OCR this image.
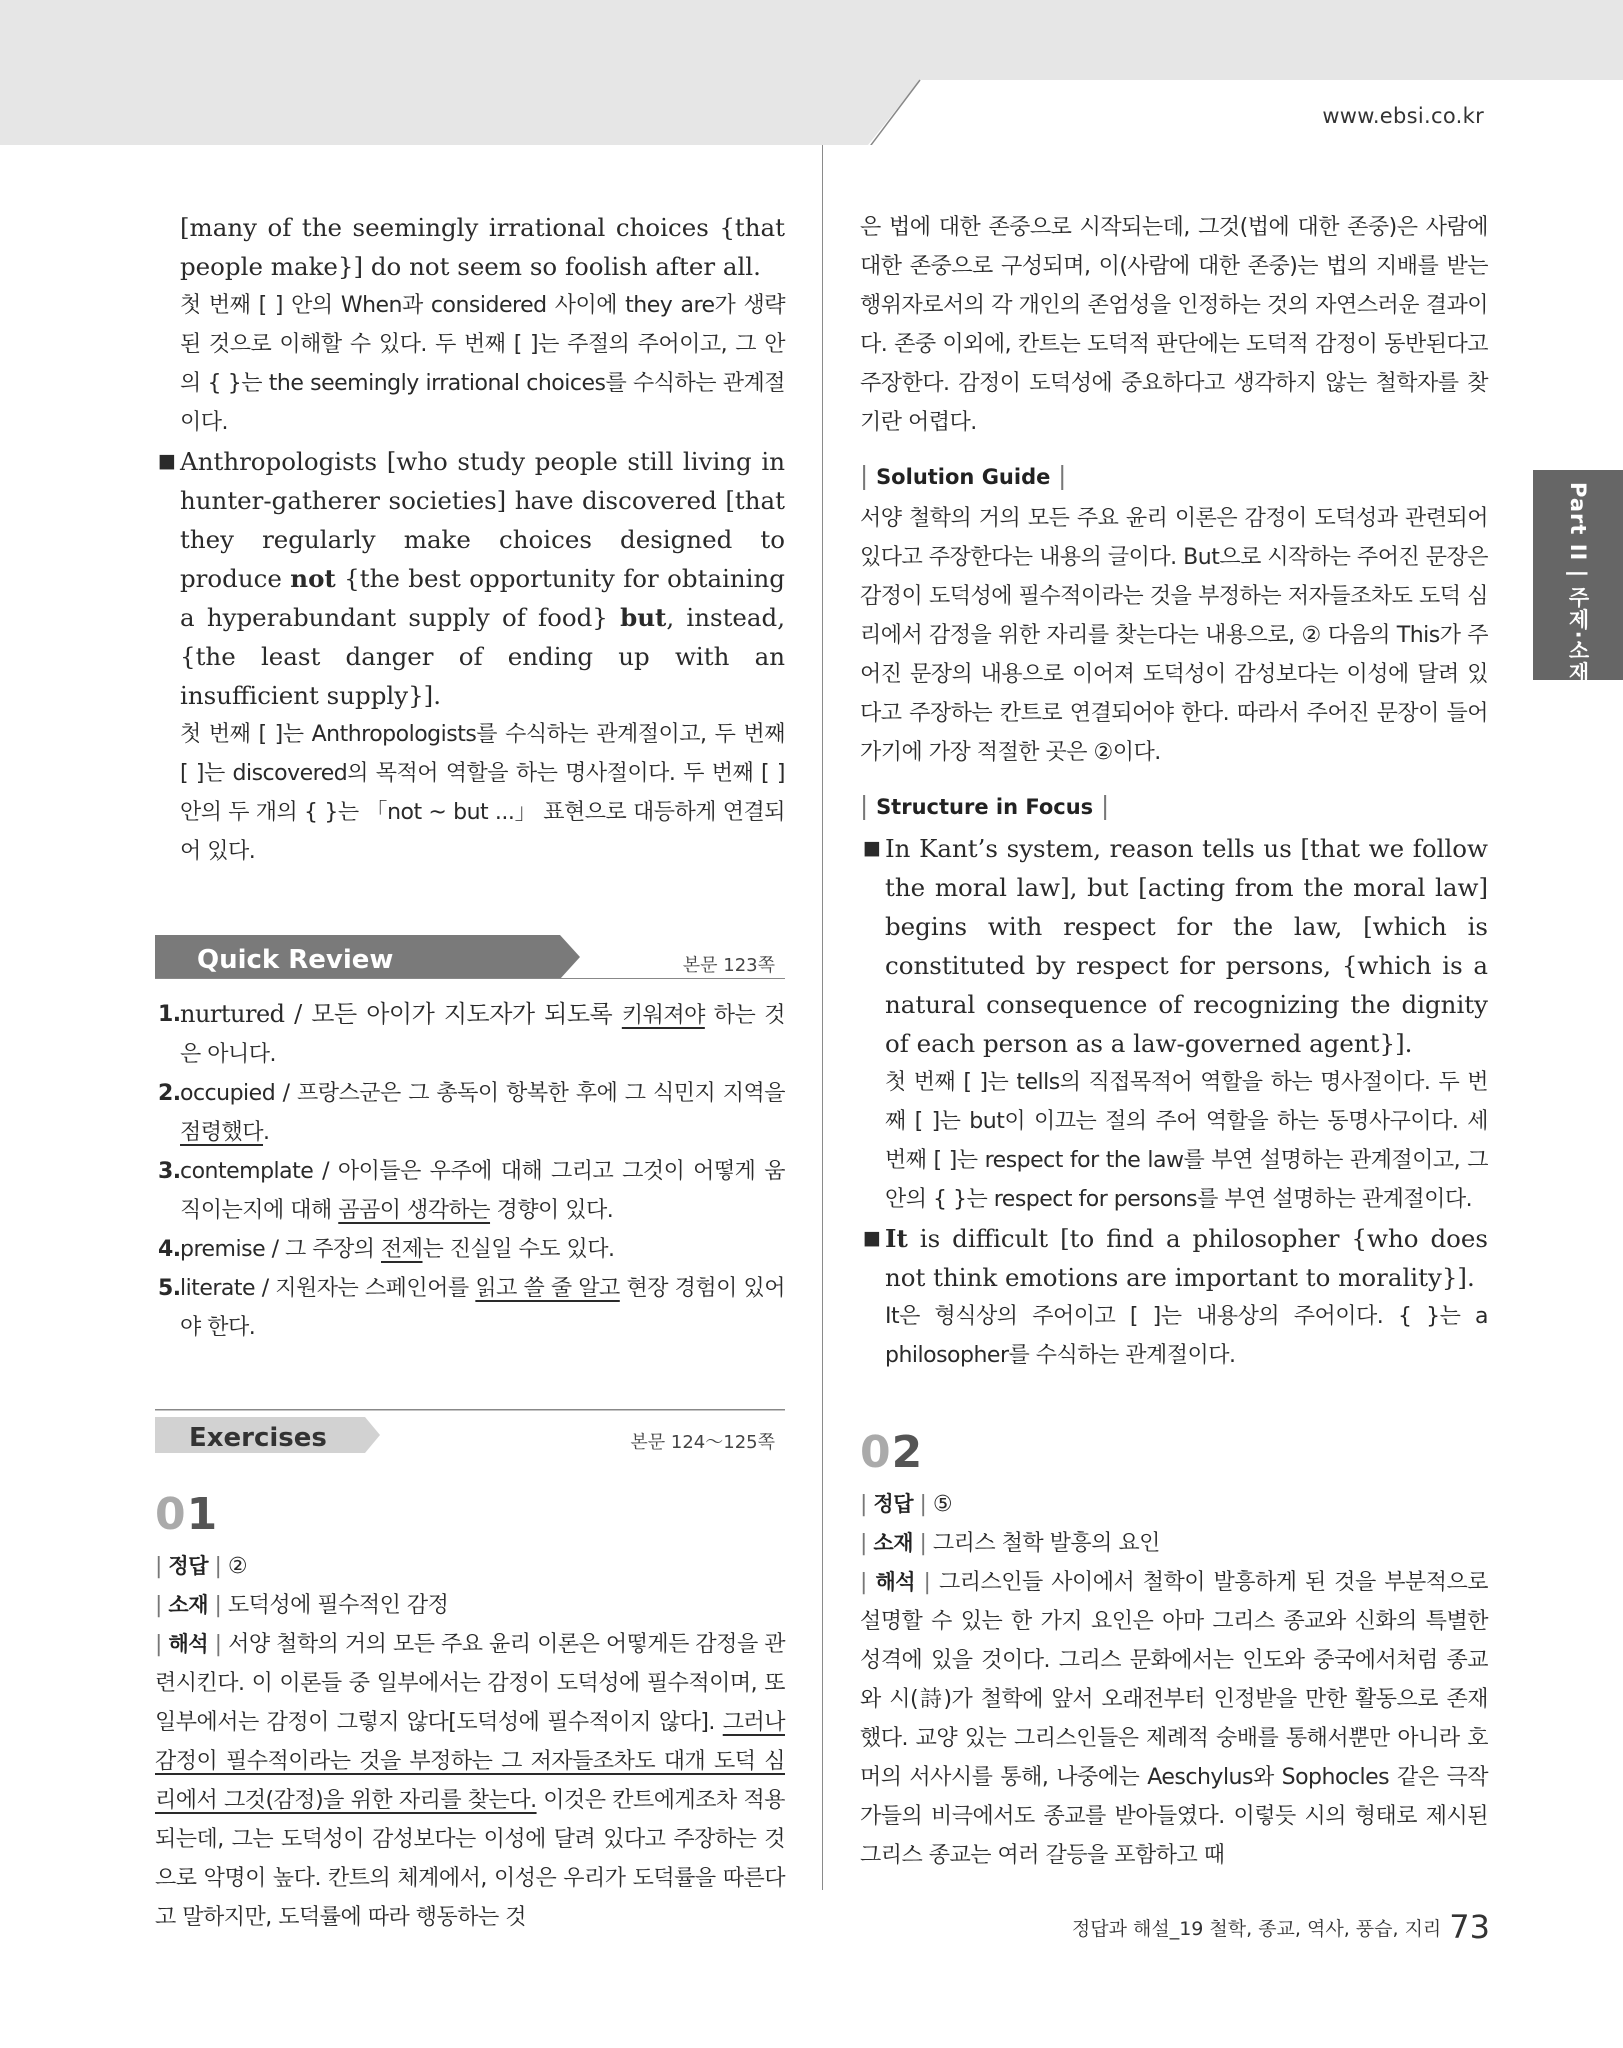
www.ebsi.co.kr

[many of the seemingly irrational choices {that people make}] do not seem so foolish after all.

첫 번째 [ ] 안의 When과 considered 사이에 they are가 생략된 것으로 이해할 수 있다. 두 번째 [ ]는 주절의 주어이고, 그 안의 { }는 the seemingly irrational choices를 수식하는 관계절이다.

■ Anthropologists [who study people still living in hunter-gatherer societies] have discovered [that they regularly make choices designed to produce not {the best opportunity for obtaining a hyperabundant supply of food} but, instead, {the least danger of ending up with an insufficient supply}].

첫 번째 [ ]는 Anthropologists를 수식하는 관계절이고, 두 번째 [ ]는 discovered의 목적어 역할을 하는 명사절이다. 두 번째 [ ] 안의 두 개의 { }는 「not ~ but ...」 표현으로 대등하게 연결되어 있다.

Quick Review	본문 123쪽

1. nurtured / 모든 아이가 지도자가 되도록 키워져야 하는 것은 아니다.

2. occupied / 프랑스군은 그 총독이 항복한 후에 그 식민지 지역을 점령했다.

3. contemplate / 아이들은 우주에 대해 그리고 그것이 어떻게 움직이는지에 대해 곰곰이 생각하는 경향이 있다.

4. premise / 그 주장의 전제는 진실일 수도 있다.

5. literate / 지원자는 스페인어를 읽고 쓸 줄 알고 현장 경험이 있어야 한다.

Exercises	본문 124～125쪽
01

| 정답 | ②

| 소재 | 도덕성에 필수적인 감정

| 해석 | 서양 철학의 거의 모든 주요 윤리 이론은 어떻게든 감정을 관련시킨다. 이 이론들 중 일부에서는 감정이 도덕성에 필수적이며, 또 일부에서는 감정이 그렇지 않다[도덕성에 필수적이지 않다]. 그러나 감정이 필수적이라는 것을 부정하는 그 저자들조차도 대개 도덕 심리에서 그것(감정)을 위한 자리를 찾는다. 이것은 칸트에게조차 적용되는데, 그는 도덕성이 감성보다는 이성에 달려 있다고 주장하는 것으로 악명이 높다. 칸트의 체계에서, 이성은 우리가 도덕률을 따른다고 말하지만, 도덕률에 따라 행동하는 것

은 법에 대한 존중으로 시작되는데, 그것(법에 대한 존중)은 사람에 대한 존중으로 구성되며, 이(사람에 대한 존중)는 법의 지배를 받는 행위자로서의 각 개인의 존엄성을 인정하는 것의 자연스러운 결과이다. 존중 이외에, 칸트는 도덕적 판단에는 도덕적 감정이 동반된다고 주장한다. 감정이 도덕성에 중요하다고 생각하지 않는 철학자를 찾기란 어렵다.

| Solution Guide |

서양 철학의 거의 모든 주요 윤리 이론은 감정이 도덕성과 관련되어 있다고 주장한다는 내용의 글이다. But으로 시작하는 주어진 문장은 감정이 도덕성에 필수적이라는 것을 부정하는 저자들조차도 도덕 심리에서 감정을 위한 자리를 찾는다는 내용으로, ② 다음의 This가 주어진 문장의 내용으로 이어져 도덕성이 감성보다는 이성에 달려 있다고 주장하는 칸트로 연결되어야 한다. 따라서 주어진 문장이 들어가기에 가장 적절한 곳은 ②이다.

| Structure in Focus |

■ In Kant’s system, reason tells us [that we follow the moral law], but [acting from the moral law] begins with respect for the law, [which is constituted by respect for persons, {which is a natural consequence of recognizing the dignity of each person as a law-governed agent}].

첫 번째 [ ]는 tells의 직접목적어 역할을 하는 명사절이다. 두 번째 [ ]는 but이 이끄는 절의 주어 역할을 하는 동명사구이다. 세 번째 [ ]는 respect for the law를 부연 설명하는 관계절이고, 그 안의 { }는 respect for persons를 부연 설명하는 관계절이다.

■ It is difficult [to find a philosopher {who does not think emotions are important to morality}].

It은 형식상의 주어이고 [ ]는 내용상의 주어이다. { }는 a philosopher를 수식하는 관계절이다.

02

| 정답 | ⑤

| 소재 | 그리스 철학 발흥의 요인

| 해석 | 그리스인들 사이에서 철학이 발흥하게 된 것을 부분적으로 설명할 수 있는 한 가지 요인은 아마 그리스 종교와 신화의 특별한 성격에 있을 것이다. 그리스 문화에서는 인도와 중국에서처럼 종교와 시(詩)가 철학에 앞서 오래전부터 인정받을 만한 활동으로 존재했다. 교양 있는 그리스인들은 제례적 숭배를 통해서뿐만 아니라 호머의 서사시를 통해, 나중에는 Aeschylus와 Sophocles 같은 극작가들의 비극에서도 종교를 받아들였다. 이렇듯 시의 형태로 제시된 그리스 종교는 여러 갈등을 포함하고 때

Part II | 주제·소재편
정답과 해설_19 철학, 종교, 역사, 풍습, 지리 73
